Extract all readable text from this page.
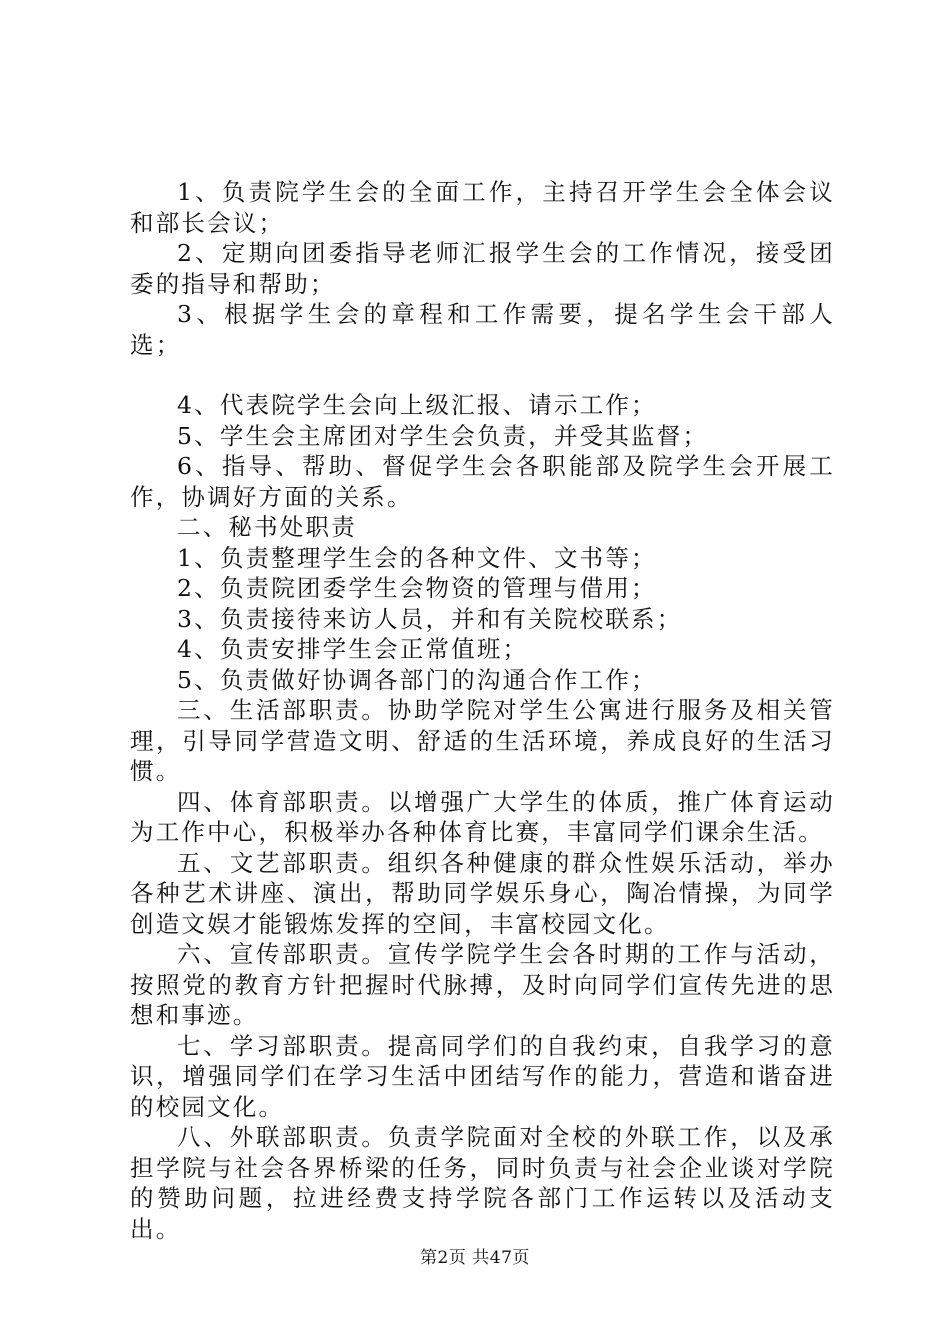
1、负责院学生会的全面工作，主持召开学生会全体会议和部长会议；

2、定期向团委指导老师汇报学生会的工作情况，接受团委的指导和帮助；

3、根据学生会的章程和工作需要，提名学生会干部人选；

4、代表院学生会向上级汇报、请示工作；

5、学生会主席团对学生会负责，并受其监督；

6、指导、帮助、督促学生会各职能部及院学生会开展工作，协调好方面的关系。

二、秘书处职责

1、负责整理学生会的各种文件、文书等；

2、负责院团委学生会物资的管理与借用；

3、负责接待来访人员，并和有关院校联系；

4、负责安排学生会正常值班；

5、负责做好协调各部门的沟通合作工作；

三、生活部职责。协助学院对学生公寓进行服务及相关管理，引导同学营造文明、舒适的生活环境，养成良好的生活习惯。

四、体育部职责。以增强广大学生的体质，推广体育运动为工作中心，积极举办各种体育比赛，丰富同学们课余生活。

五、文艺部职责。组织各种健康的群众性娱乐活动，举办各种艺术讲座、演出，帮助同学娱乐身心，陶冶情操，为同学创造文娱才能锻炼发挥的空间，丰富校园文化。

六、宣传部职责。宣传学院学生会各时期的工作与活动，按照党的教育方针把握时代脉搏，及时向同学们宣传先进的思想和事迹。

七、学习部职责。提高同学们的自我约束，自我学习的意识，增强同学们在学习生活中团结写作的能力，营造和谐奋进的校园文化。

八、外联部职责。负责学院面对全校的外联工作，以及承担学院与社会各界桥梁的任务，同时负责与社会企业谈对学院的赞助问题，拉进经费支持学院各部门工作运转以及活动支出。

第2页 共47页
